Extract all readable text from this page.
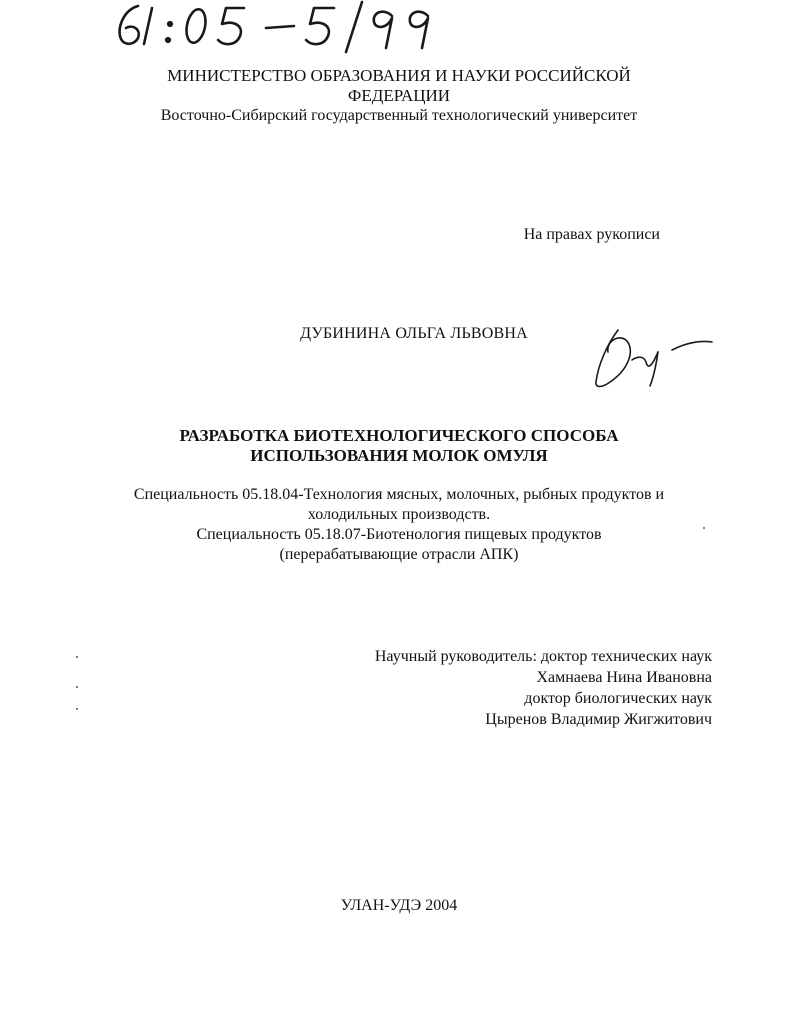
МИНИСТЕРСТВО ОБРАЗОВАНИЯ И НАУКИ РОССИЙСКОЙ
ФЕДЕРАЦИИ
Восточно-Сибирский государственный технологический университет
На правах рукописи
ДУБИНИНА ОЛЬГА ЛЬВОВНА
РАЗРАБОТКА БИОТЕХНОЛОГИЧЕСКОГО СПОСОБА
ИСПОЛЬЗОВАНИЯ МОЛОК ОМУЛЯ
Специальность 05.18.04-Технология мясных, молочных, рыбных продуктов и
холодильных производств.
Специальность 05.18.07-Биотенология пищевых продуктов
(перерабатывающие отрасли АПК)
Научный руководитель: доктор технических наук
Хамнаева Нина Ивановна
доктор биологических наук
Цыренов Владимир Жигжитович
УЛАН-УДЭ 2004
